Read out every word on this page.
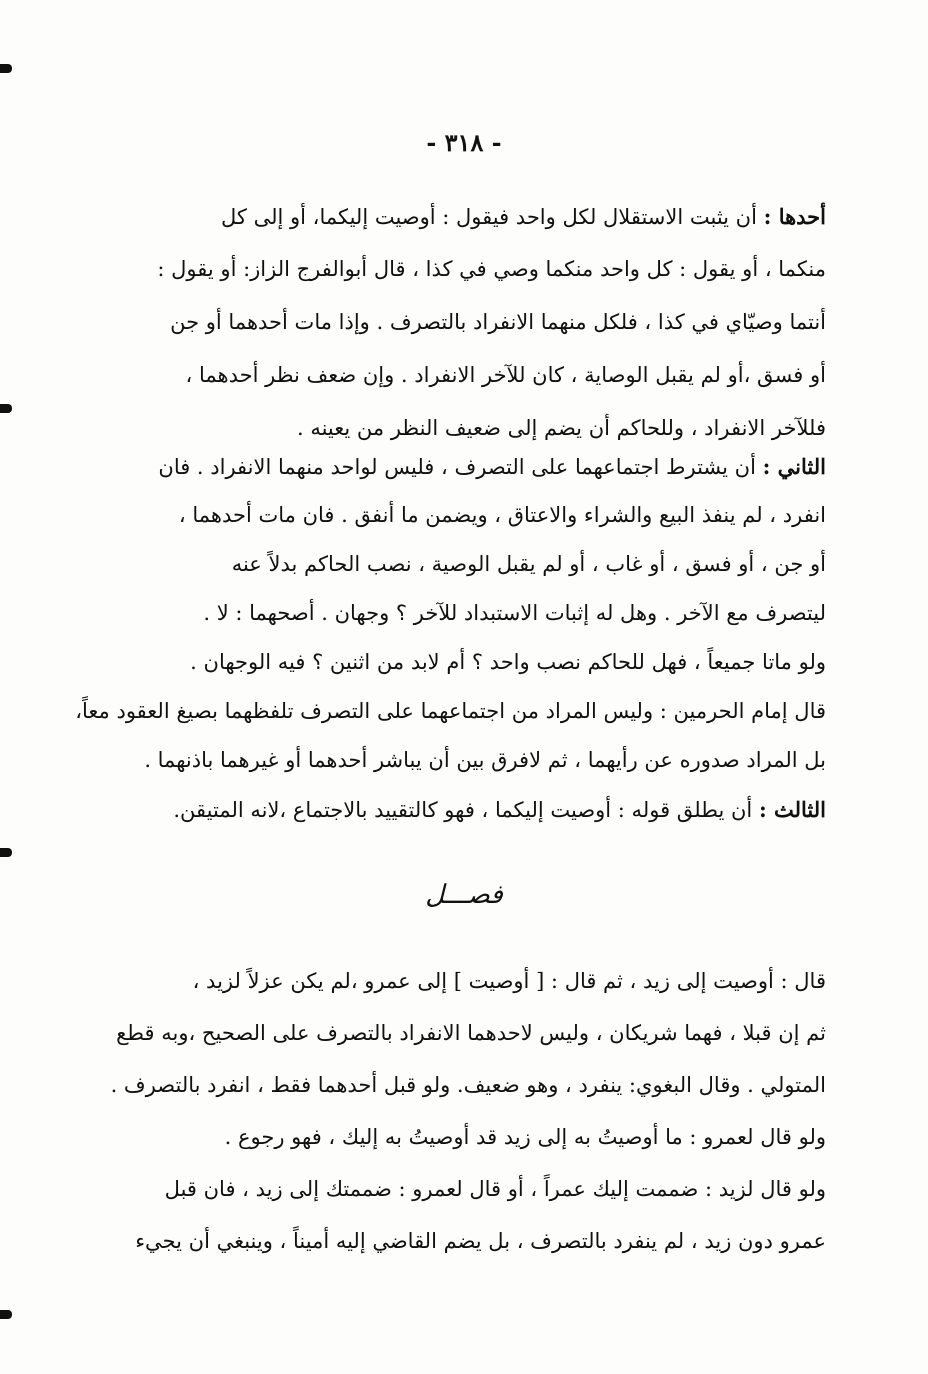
- ٣١٨ -
أحدها : أن يثبت الاستقلال لكل واحد فيقول : أوصيت إليكما، أو إلى كل
منكما ، أو يقول : كل واحد منكما وصي في كذا ، قال أبوالفرج الزاز: أو يقول :
أنتما وصيّاي في كذا ، فلكل منهما الانفراد بالتصرف . وإذا مات أحدهما أو جن
أو فسق ،أو لم يقبل الوصاية ، كان للآخر الانفراد . وإن ضعف نظر أحدهما ،
فللآخر الانفراد ، وللحاكم أن يضم إلى ضعيف النظر من يعينه .
الثاني : أن يشترط اجتماعهما على التصرف ، فليس لواحد منهما الانفراد . فان
انفرد ، لم ينفذ البيع والشراء والاعتاق ، ويضمن ما أنفق . فان مات أحدهما ،
أو جن ، أو فسق ، أو غاب ، أو لم يقبل الوصية ، نصب الحاكم بدلاً عنه
ليتصرف مع الآخر . وهل له إثبات الاستبداد للآخر ؟ وجهان . أصحهما : لا .
ولو ماتا جميعاً ، فهل للحاكم نصب واحد ؟ أم لابد من اثنين ؟ فيه الوجهان .
قال إمام الحرمين : وليس المراد من اجتماعهما على التصرف تلفظهما بصيغ العقود معاً،
بل المراد صدوره عن رأيهما ، ثم لافرق بين أن يباشر أحدهما أو غيرهما باذنهما .
الثالث : أن يطلق قوله : أوصيت إليكما ، فهو كالتقييد بالاجتماع ،لانه المتيقن.
فصـــل
قال : أوصيت إلى زيد ، ثم قال : [ أوصيت ] إلى عمرو ،لم يكن عزلاً لزيد ،
ثم إن قبلا ، فهما شريكان ، وليس لاحدهما الانفراد بالتصرف على الصحيح ،وبه قطع
المتولي . وقال البغوي: ينفرد ، وهو ضعيف. ولو قبل أحدهما فقط ، انفرد بالتصرف .
ولو قال لعمرو : ما أوصيتُ به إلى زيد قد أوصيتُ به إليك ، فهو رجوع .
ولو قال لزيد : ضممت إليك عمراً ، أو قال لعمرو : ضممتك إلى زيد ، فان قبل
عمرو دون زيد ، لم ينفرد بالتصرف ، بل يضم القاضي إليه أميناً ، وينبغي أن يجيء
